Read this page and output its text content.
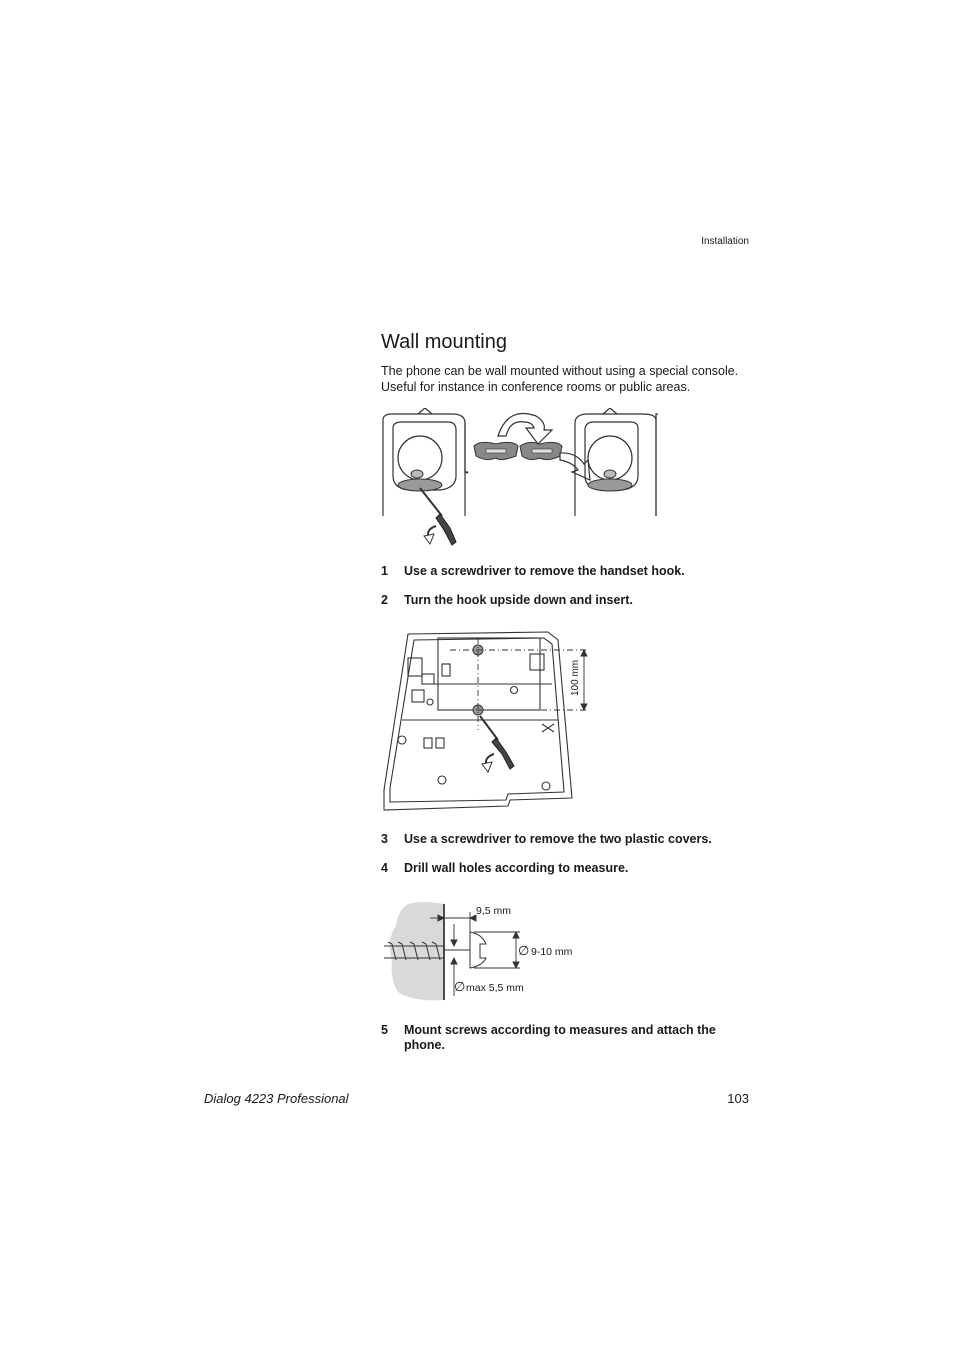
Installation
Wall mounting
The phone can be wall mounted without using a special console.
Useful for instance in conference rooms or public areas.
1 Use a screwdriver to remove the handset hook.
2 Turn the hook upside down and insert.
100 mm
3 Use a screwdriver to remove the two plastic covers.
4 Drill wall holes according to measure.
9,5 mm
∅ 9-10 mm
∅ max 5,5 mm
5 Mount screws according to measures and attach the phone.
Dialog 4223 Professional	103
